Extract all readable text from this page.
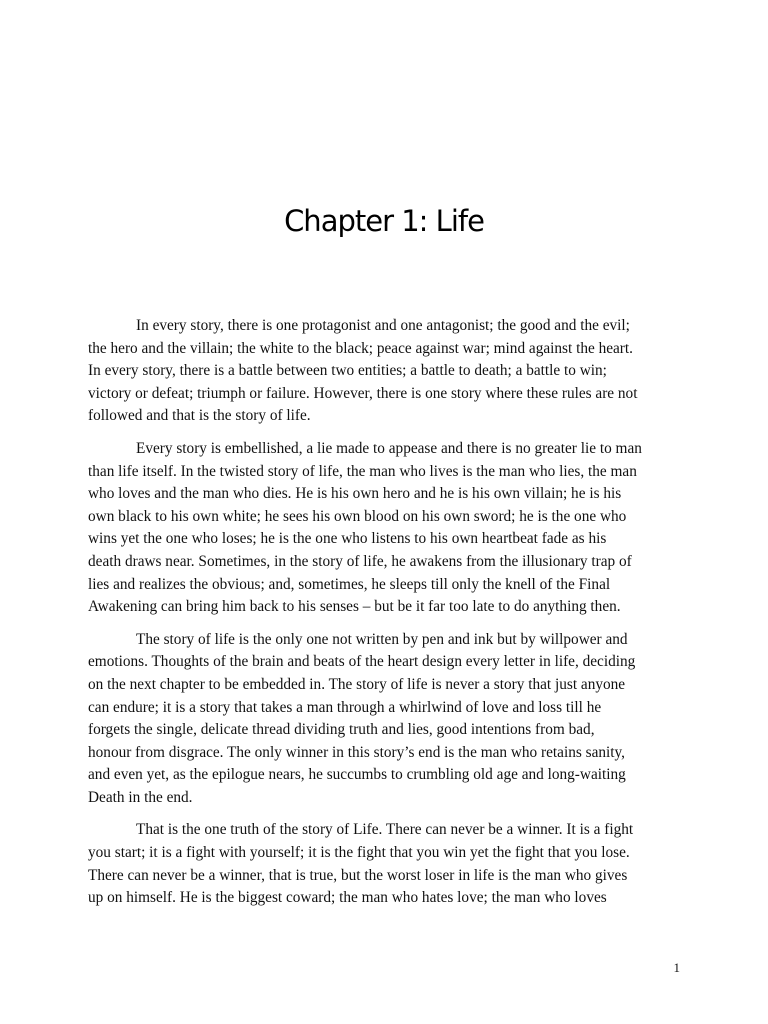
Chapter 1: Life

In every story, there is one protagonist and one antagonist; the good and the evil;
the hero and the villain; the white to the black; peace against war; mind against the heart.
In every story, there is a battle between two entities; a battle to death; a battle to win;
victory or defeat; triumph or failure. However, there is one story where these rules are not
followed and that is the story of life.

Every story is embellished, a lie made to appease and there is no greater lie to man
than life itself. In the twisted story of life, the man who lives is the man who lies, the man
who loves and the man who dies. He is his own hero and he is his own villain; he is his
own black to his own white; he sees his own blood on his own sword; he is the one who
wins yet the one who loses; he is the one who listens to his own heartbeat fade as his
death draws near. Sometimes, in the story of life, he awakens from the illusionary trap of
lies and realizes the obvious; and, sometimes, he sleeps till only the knell of the Final
Awakening can bring him back to his senses – but be it far too late to do anything then.

The story of life is the only one not written by pen and ink but by willpower and
emotions. Thoughts of the brain and beats of the heart design every letter in life, deciding
on the next chapter to be embedded in. The story of life is never a story that just anyone
can endure; it is a story that takes a man through a whirlwind of love and loss till he
forgets the single, delicate thread dividing truth and lies, good intentions from bad,
honour from disgrace. The only winner in this story’s end is the man who retains sanity,
and even yet, as the epilogue nears, he succumbs to crumbling old age and long-waiting
Death in the end.

That is the one truth of the story of Life. There can never be a winner. It is a fight
you start; it is a fight with yourself; it is the fight that you win yet the fight that you lose.
There can never be a winner, that is true, but the worst loser in life is the man who gives
up on himself. He is the biggest coward; the man who hates love; the man who loves

1
